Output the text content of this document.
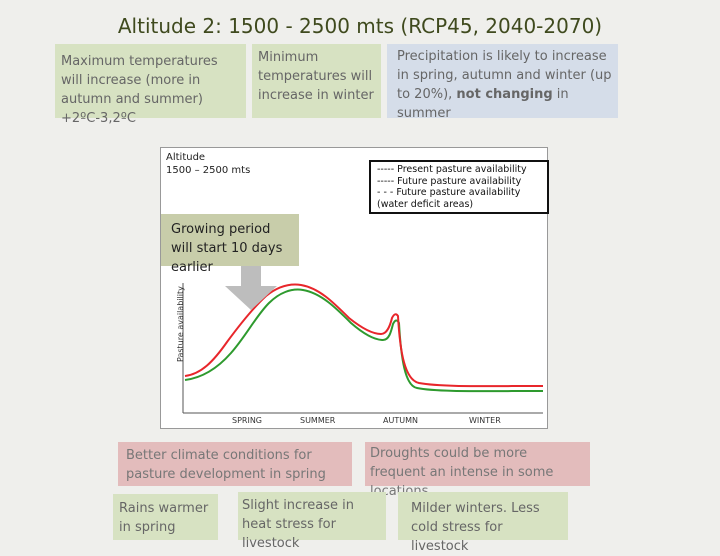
Altitude 2: 1500 - 2500 mts (RCP45, 2040-2070)
Maximum temperatures will increase (more in autumn and summer) +2ºC-3,2ºC
Minimum temperatures will increase in winter
Precipitation is likely to increase in spring, autumn and winter (up to 20%), not changing in summer
Altitude
1500 – 2500 mts	----- Present pasture availability
----- Future pasture availability
- - - Future pasture availability
(water deficit areas)
Pasture availability
SPRING	SUMMER	AUTUMN	WINTER
Growing period will start 10 days earlier
Better climate conditions for pasture development in spring
Droughts could be more frequent an intense in some
Rains warmer in spring
Slight increase in heat stress for livestock
Milder winters. Less cold stress for livestock
